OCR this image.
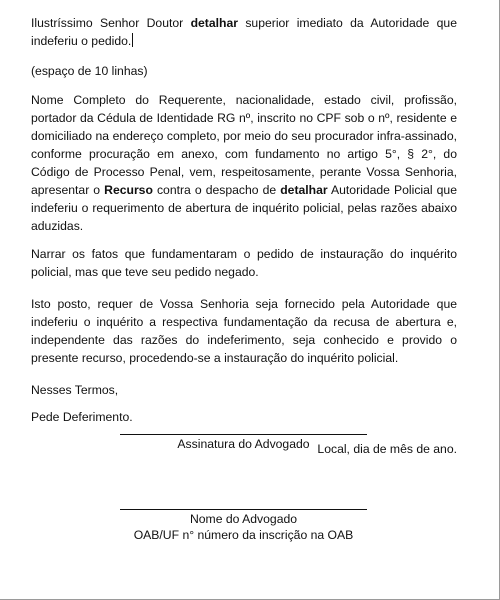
Ilustríssimo Senhor Doutor detalhar superior imediato da Autoridade que indeferiu o pedido.

(espaço de 10 linhas)

Nome Completo do Requerente, nacionalidade, estado civil, profissão, portador da Cédula de Identidade RG nº, inscrito no CPF sob o nº, residente e domiciliado na endereço completo, por meio do seu procurador infra-assinado, conforme procuração em anexo, com fundamento no artigo 5°, § 2°, do Código de Processo Penal, vem, respeitosamente, perante Vossa Senhoria, apresentar o Recurso contra o despacho de detalhar Autoridade Policial que indeferiu o requerimento de abertura de inquérito policial, pelas razões abaixo aduzidas.

Narrar os fatos que fundamentaram o pedido de instauração do inquérito policial, mas que teve seu pedido negado.

Isto posto, requer de Vossa Senhoria seja fornecido pela Autoridade que indeferiu o inquérito a respectiva fundamentação da recusa de abertura e, independente das razões do indeferimento, seja conhecido e provido o presente recurso, procedendo-se a instauração do inquérito policial.

Nesses Termos,

Pede Deferimento.

Local, dia de mês de ano.

Assinatura do Advogado
Nome do Advogado
OAB/UF n° número da inscrição na OAB
